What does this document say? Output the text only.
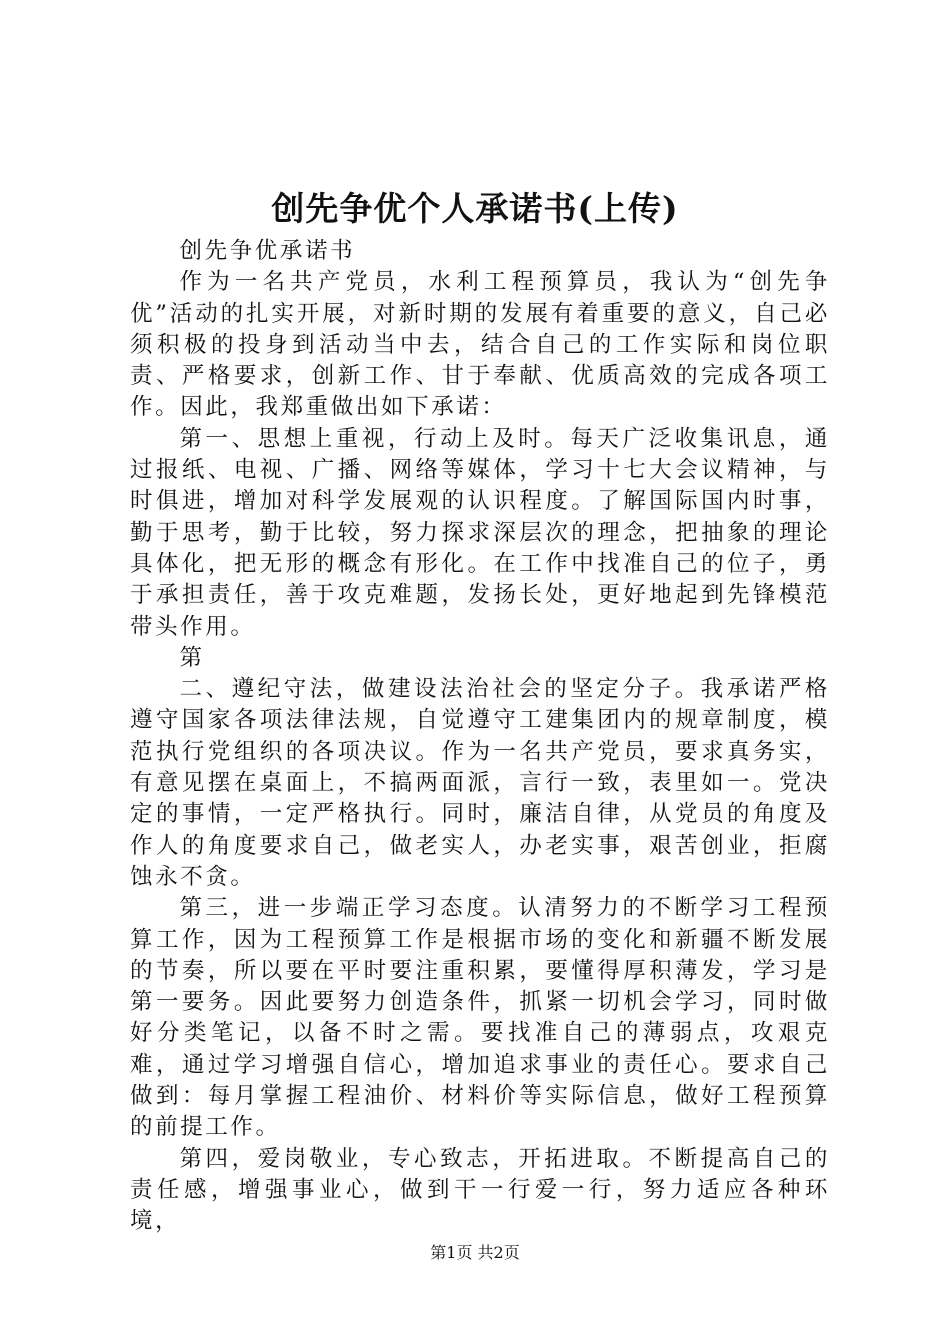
创先争优个人承诺书(上传)

创先争优承诺书

作为一名共产党员，水利工程预算员，我认为“创先争优”活动的扎实开展，对新时期的发展有着重要的意义，自己必须积极的投身到活动当中去，结合自己的工作实际和岗位职责、严格要求，创新工作、甘于奉献、优质高效的完成各项工作。因此，我郑重做出如下承诺：

第一、思想上重视，行动上及时。每天广泛收集讯息，通过报纸、电视、广播、网络等媒体，学习十七大会议精神，与时俱进，增加对科学发展观的认识程度。了解国际国内时事，勤于思考，勤于比较，努力探求深层次的理念，把抽象的理论具体化，把无形的概念有形化。在工作中找准自己的位子，勇于承担责任，善于攻克难题，发扬长处，更好地起到先锋模范带头作用。

第

二、遵纪守法，做建设法治社会的坚定分子。我承诺严格遵守国家各项法律法规，自觉遵守工建集团内的规章制度，模范执行党组织的各项决议。作为一名共产党员，要求真务实，有意见摆在桌面上，不搞两面派，言行一致，表里如一。党决定的事情，一定严格执行。同时，廉洁自律，从党员的角度及作人的角度要求自己，做老实人，办老实事，艰苦创业，拒腐蚀永不贪。

第三，进一步端正学习态度。认清努力的不断学习工程预算工作，因为工程预算工作是根据市场的变化和新疆不断发展的节奏，所以要在平时要注重积累，要懂得厚积薄发，学习是第一要务。因此要努力创造条件，抓紧一切机会学习，同时做好分类笔记，以备不时之需。要找准自己的薄弱点，攻艰克难，通过学习增强自信心，增加追求事业的责任心。要求自己做到：每月掌握工程油价、材料价等实际信息，做好工程预算的前提工作。

第四，爱岗敬业，专心致志，开拓进取。不断提高自己的责任感，增强事业心，做到干一行爱一行，努力适应各种环境，

第1页 共2页
